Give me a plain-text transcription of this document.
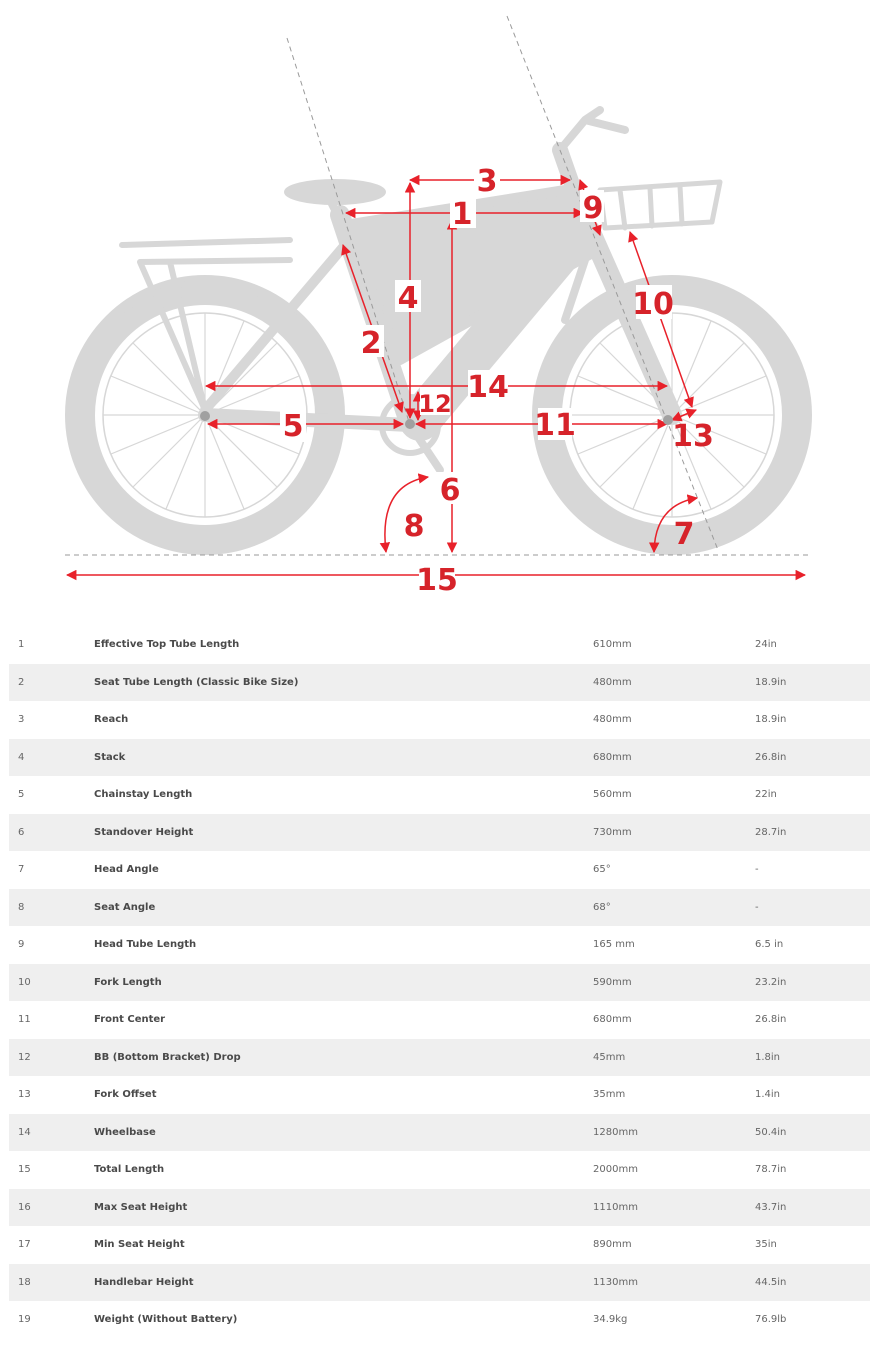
1
2
3
4
5
6
7
8
9
10
11
12
13
14
15
1	Effective Top Tube Length	610mm	24in
2	Seat Tube Length (Classic Bike Size)	480mm	18.9in
3	Reach	480mm	18.9in
4	Stack	680mm	26.8in
5	Chainstay Length	560mm	22in
6	Standover Height	730mm	28.7in
7	Head Angle	65°	-
8	Seat Angle	68°	-
9	Head Tube Length	165 mm	6.5 in
10	Fork Length	590mm	23.2in
11	Front Center	680mm	26.8in
12	BB (Bottom Bracket) Drop	45mm	1.8in
13	Fork Offset	35mm	1.4in
14	Wheelbase	1280mm	50.4in
15	Total Length	2000mm	78.7in
16	Max Seat Height	1110mm	43.7in
17	Min Seat Height	890mm	35in
18	Handlebar Height	1130mm	44.5in
19	Weight (Without Battery)	34.9kg	76.9lb
